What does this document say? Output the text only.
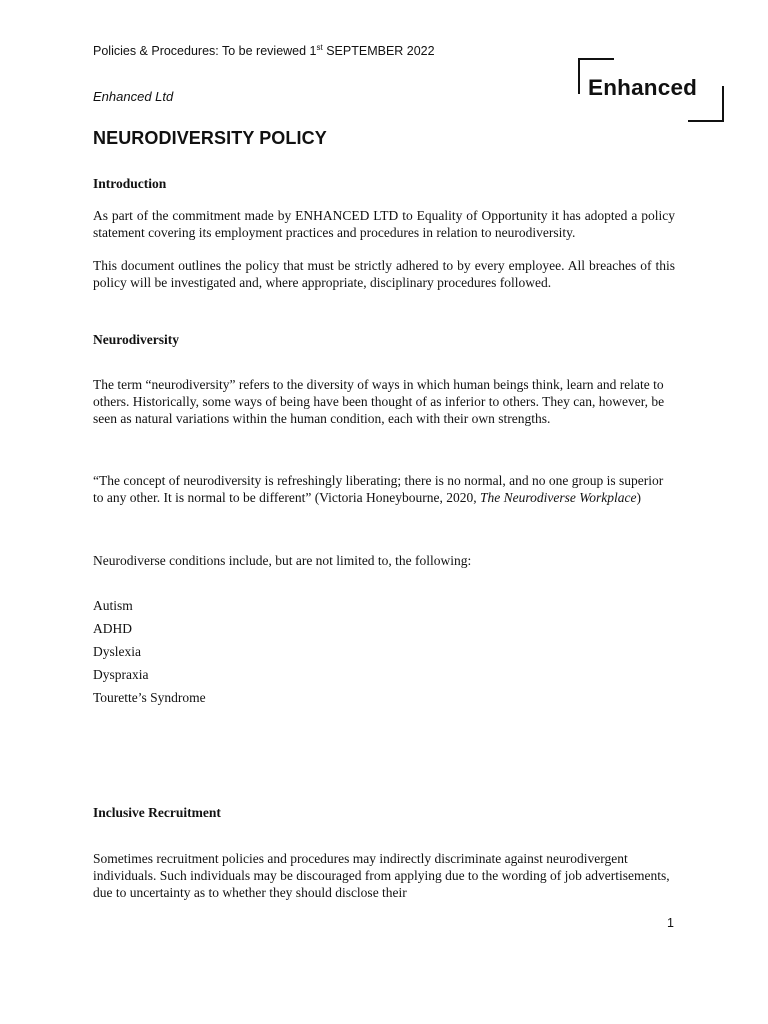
Policies & Procedures: To be reviewed 1st SEPTEMBER 2022
Enhanced
Enhanced Ltd
NEURODIVERSITY POLICY
Introduction
As part of the commitment made by ENHANCED LTD to Equality of Opportunity it has adopted a policy statement covering its employment practices and procedures in relation to neurodiversity.
This document outlines the policy that must be strictly adhered to by every employee. All breaches of this policy will be investigated and, where appropriate, disciplinary procedures followed.
Neurodiversity
The term “neurodiversity” refers to the diversity of ways in which human beings think, learn and relate to others. Historically, some ways of being have been thought of as inferior to others. They can, however, be seen as natural variations within the human condition, each with their own strengths.
“The concept of neurodiversity is refreshingly liberating; there is no normal, and no one group is superior to any other. It is normal to be different” (Victoria Honeybourne, 2020, The Neurodiverse Workplace)
Neurodiverse conditions include, but are not limited to, the following:
Autism
ADHD
Dyslexia
Dyspraxia
Tourette’s Syndrome
Inclusive Recruitment
Sometimes recruitment policies and procedures may indirectly discriminate against neurodivergent individuals. Such individuals may be discouraged from applying due to the wording of job advertisements, due to uncertainty as to whether they should disclose their
1
